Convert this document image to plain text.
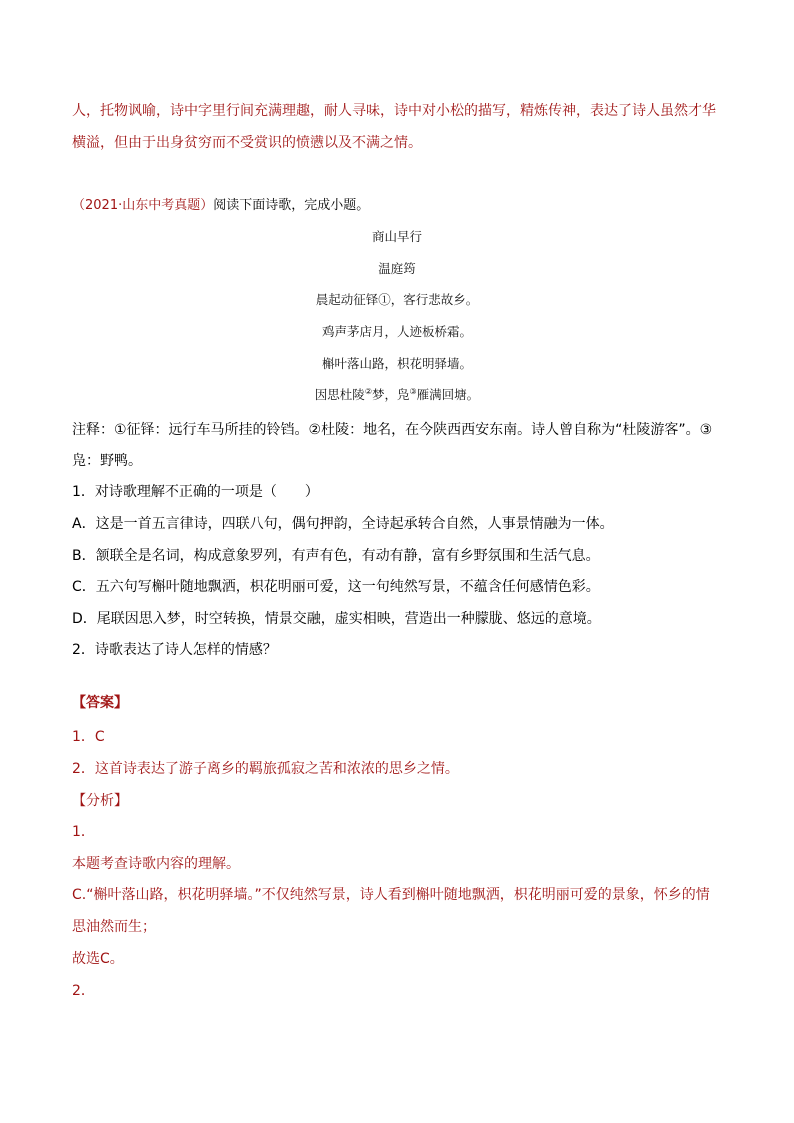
人，托物讽喻，诗中字里行间充满理趣，耐人寻味，诗中对小松的描写，精炼传神，表达了诗人虽然才华
横溢，但由于出身贫穷而不受赏识的愤懑以及不满之情。
（2021·山东中考真题）阅读下面诗歌，完成小题。
商山早行
温庭筠
晨起动征铎①，客行悲故乡。
鸡声茅店月，人迹板桥霜。
槲叶落山路，枳花明驿墙。
因思杜陵②梦，凫③雁满回塘。
注释：①征铎：远行车马所挂的铃铛。②杜陵：地名，在今陕西西安东南。诗人曾自称为“杜陵游客”。③
凫：野鸭。
1．对诗歌理解不正确的一项是（　　）
A．这是一首五言律诗，四联八句，偶句押韵，全诗起承转合自然，人事景情融为一体。
B．颔联全是名词，构成意象罗列，有声有色，有动有静，富有乡野氛围和生活气息。
C．五六句写槲叶随地飘洒，枳花明丽可爱，这一句纯然写景，不蕴含任何感情色彩。
D．尾联因思入梦，时空转换，情景交融，虚实相映，营造出一种朦胧、悠远的意境。
2．诗歌表达了诗人怎样的情感？
【答案】
1．C
2．这首诗表达了游子离乡的羁旅孤寂之苦和浓浓的思乡之情。
【分析】
1．
本题考查诗歌内容的理解。
C.“槲叶落山路，枳花明驿墙。”不仅纯然写景，诗人看到槲叶随地飘洒，枳花明丽可爱的景象，怀乡的情
思油然而生；
故选C。
2．
